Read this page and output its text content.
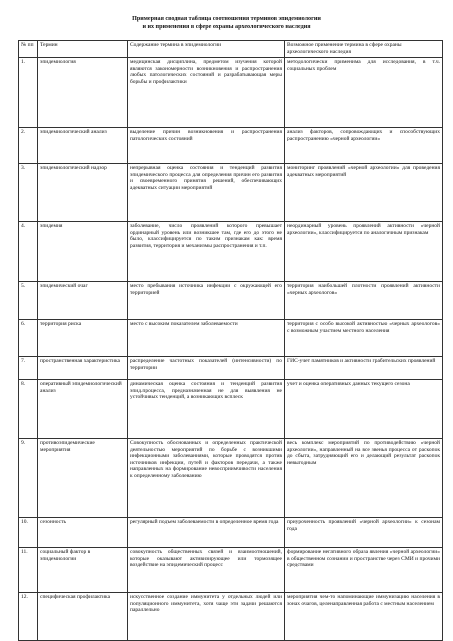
Примерная сводная таблица соотношения терминов эпидемиологии
и их применения в сфере охраны археологического наследия
№ пп	Термин	Содержание термина в эпидемиологии	Возможное применение термина в сфере охраны археологического наследия
1.	эпидемиология	медицинская дисциплина, предметом изучения которой являются закономерности возникновения и распространения любых патологических состояний и разрабатывающая меры борьбы и профилактики	методологически применима для исследования, в т.ч. социальных проблем
2.	эпидемиологический анализ	выделение причин возникновения и распространения патологических состояний	анализ факторов, сопровождающих и способствующих распространению «черной археологии»
3.	эпидемиологический надзор	непрерывная оценка состояния и тенденций развития эпидемического процесса для определения причин его развития и своевременного принятия решений, обеспечивающих адекватных ситуации мероприятий	мониторинг проявлений «черной археологии» для проведения адекватных мероприятий
4.	эпидемия	заболевание, число проявлений которого превышает ординарный уровень или возникшее там, где его до этого не было, классифицируется по таким признакам как: время развития, территория и механизмы распространения и т.п.	неординарный уровень проявлений активности «черной археологии», классифицируется по аналогичным признакам
5.	эпидемический очаг	место пребывания источника инфекции с окружающей его территорией	территория наибольшей плотности проявлений активности «черных археологов»
6.	территория риска	место с высоким показателем заболеваемости	территория с особо высокой активностью «черных археологов» с возможным участием местного населения
7.	пространственная характеристика	распределение частотных показателей (интенсивности) по территории	ГИС-учет памятников и активности грабительских проявлений
8.	оперативный эпидемиологический анализ	динамическая оценка состояния и тенденций развития эпид.процесса, предназначенная не для выявления не устойчивых тенденций, а возникающих всплеск	учет и оценка оперативных данных текущего сезона
9.	противоэпидемические мероприятия	Совокупность обоснованных и определенных практической деятельностью мероприятий по борьбе с возникшими инфекционными заболеваниями, которые проводятся против источников инфекции, путей и факторов передачи, а также направленных на формирование невосприимчивости населения к определенному заболеванию	весь комплекс мероприятий по противодействию «черной археологии», направленный на все звенья процесса от раскопок до сбыта, затрудняющий его и делающий результат раскопок невыгодным
10.	сезонность	регулярный подъем заболеваемости в определенное время года	приуроченность проявлений «черной археологии» к сезонам года
11.	социальный фактор в эпидемиологии	совокупность общественных связей и взаимоотношений, которые оказывают активизирующее или тормозящее воздействие на эпидемический процесс	формирование негативного образа явления «черной археологии» в общественном сознании и пространстве через СМИ и прочими средствами
12.	специфическая профилактика	искусственное создание иммунитета у отдельных людей или популяционного иммунитета, хотя чаще эти задачи решаются параллельно	мероприятия чем-то напоминающие иммунизацию населения в зонах очагов, целенаправленная работа с местным населением
